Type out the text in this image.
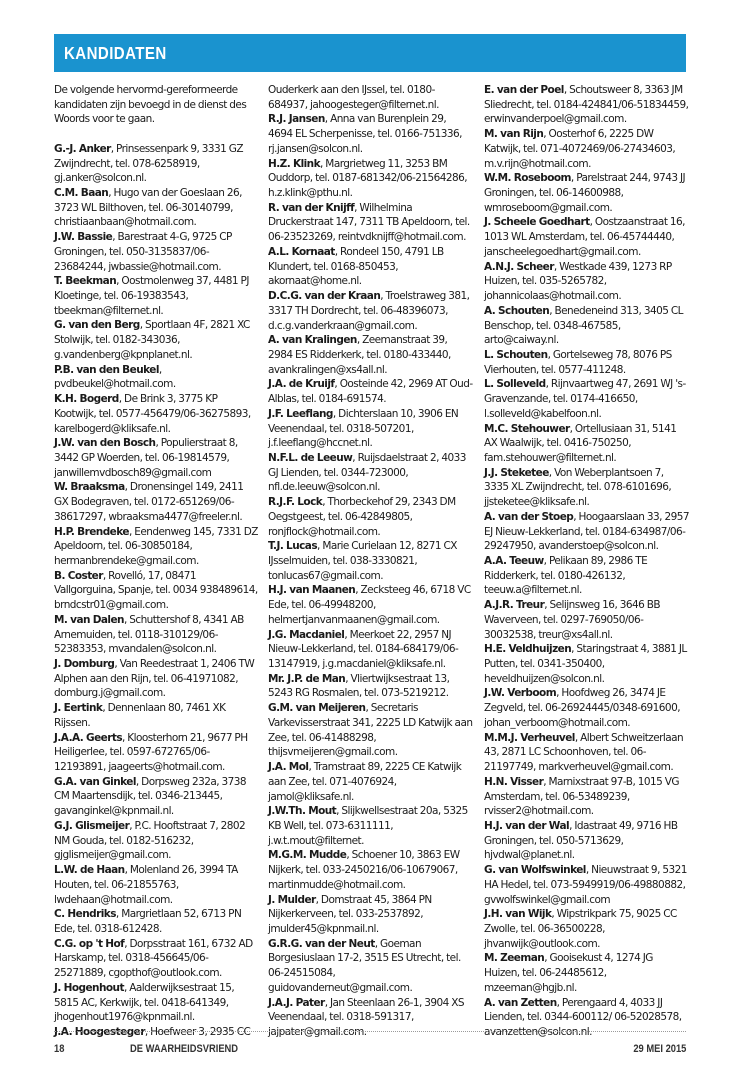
KANDIDATEN

De volgende hervormd-gereformeerde kandidaten zijn bevoegd in de dienst des Woords voor te gaan.

G.-J. Anker, Prinsessenpark 9, 3331 GZ Zwijndrecht, tel. 078-6258919, gj.anker@solcon.nl.

C.M. Baan, Hugo van der Goeslaan 26, 3723 WL Bilthoven, tel. 06-30140799, christiaanbaan@hotmail.com.

J.W. Bassie, Barestraat 4-G, 9725 CP Groningen, tel. 050-3135837/06-23684244, jwbassie@hotmail.com.

T. Beekman, Oostmolenweg 37, 4481 PJ Kloetinge, tel. 06-19383543, tbeekman@filternet.nl.

G. van den Berg, Sportlaan 4F, 2821 XC Stolwijk, tel. 0182-343036, g.vandenberg@kpnplanet.nl.

P.B. van den Beukel, pvdbeukel@hotmail.com.

K.H. Bogerd, De Brink 3, 3775 KP Kootwijk, tel. 0577-456479/06-36275893, karelbogerd@kliksafe.nl.

J.W. van den Bosch, Populierstraat 8, 3442 GP Woerden, tel. 06-19814579, janwillemvdbosch89@gmail.com

W. Braaksma, Dronensingel 149, 2411 GX Bodegraven, tel. 0172-651269/06-38617297, wbraaksma4477@freeler.nl.

H.P. Brendeke, Eendenweg 145, 7331 DZ Apeldoorn, tel. 06-30850184, hermanbrendeke@gmail.com.

B. Coster, Rovelló, 17, 08471 Vallgorguina, Spanje, tel. 0034 938489614, brndcstr01@gmail.com.

M. van Dalen, Schuttershof 8, 4341 AB Arnemuiden, tel. 0118-310129/06-52383353, mvandalen@solcon.nl.

J. Domburg, Van Reedestraat 1, 2406 TW Alphen aan den Rijn, tel. 06-41971082, domburg.j@gmail.com.

J. Eertink, Dennenlaan 80, 7461 XK Rijssen.

J.A.A. Geerts, Kloosterhorn 21, 9677 PH Heiligerlee, tel. 0597-672765/06-12193891, jaageerts@hotmail.com.

G.A. van Ginkel, Dorpsweg 232a, 3738 CM Maartensdijk, tel. 0346-213445, gavanginkel@kpnmail.nl.

G.J. Glismeijer, P.C. Hooftstraat 7, 2802 NM Gouda, tel. 0182-516232, gjglismeijer@gmail.com.

L.W. de Haan, Molenland 26, 3994 TA Houten, tel. 06-21855763, lwdehaan@hotmail.com.

C. Hendriks, Margrietlaan 52, 6713 PN Ede, tel. 0318-612428.

C.G. op 't Hof, Dorpsstraat 161, 6732 AD Harskamp, tel. 0318-456645/06-25271889, cgopthof@outlook.com.

J. Hogenhout, Aalderwijksestraat 15, 5815 AC, Kerkwijk, tel. 0418-641349, jhogenhout1976@kpnmail.nl.

J.A. Hoogesteger, Hoefweer 3, 2935 CC

Ouderkerk aan den IJssel, tel. 0180-684937, jahoogesteger@filternet.nl.

R.J. Jansen, Anna van Burenplein 29, 4694 EL Scherpenisse, tel. 0166-751336, rj.jansen@solcon.nl.

H.Z. Klink, Margrietweg 11, 3253 BM Ouddorp, tel. 0187-681342/06-21564286, h.z.klink@pthu.nl.

R. van der Knijff, Wilhelmina Druckerstraat 147, 7311 TB Apeldoorn, tel. 06-23523269, reintvdknijff@hotmail.com.

A.L. Kornaat, Rondeel 150, 4791 LB Klundert, tel. 0168-850453, akornaat@home.nl.

D.C.G. van der Kraan, Troelstraweg 381, 3317 TH Dordrecht, tel. 06-48396073, d.c.g.vanderkraan@gmail.com.

A. van Kralingen, Zeemanstraat 39, 2984 ES Ridderkerk, tel. 0180-433440, avankralingen@xs4all.nl.

J.A. de Kruijf, Oosteinde 42, 2969 AT Oud-Alblas, tel. 0184-691574.

J.F. Leeflang, Dichterslaan 10, 3906 EN Veenendaal, tel. 0318-507201, j.f.leeflang@hccnet.nl.

N.F.L. de Leeuw, Ruijsdaelstraat 2, 4033 GJ Lienden, tel. 0344-723000, nfl.de.leeuw@solcon.nl.

R.J.F. Lock, Thorbeckehof 29, 2343 DM Oegstgeest, tel. 06-42849805, ronjflock@hotmail.com.

T.J. Lucas, Marie Curielaan 12, 8271 CX IJsselmuiden, tel. 038-3330821, tonlucas67@gmail.com.

H.J. van Maanen, Zecksteeg 46, 6718 VC Ede, tel. 06-49948200, helmertjanvanmaanen@gmail.com.

J.G. Macdaniel, Meerkoet 22, 2957 NJ Nieuw-Lekkerland, tel. 0184-684179/06-13147919, j.g.macdaniel@kliksafe.nl.

Mr. J.P. de Man, Vliertwijksestraat 13, 5243 RG Rosmalen, tel. 073-5219212.

G.M. van Meijeren, Secretaris Varkevisserstraat 341, 2225 LD Katwijk aan Zee, tel. 06-41488298, thijsvmeijeren@gmail.com.

J.A. Mol, Tramstraat 89, 2225 CE Katwijk aan Zee, tel. 071-4076924, jamol@kliksafe.nl.

J.W.Th. Mout, Slijkwellsestraat 20a, 5325 KB Well, tel. 073-6311111, j.w.t.mout@filternet.

M.G.M. Mudde, Schoener 10, 3863 EW Nijkerk, tel. 033-2450216/06-10679067, martinmudde@hotmail.com.

J. Mulder, Domstraat 45, 3864 PN Nijkerkerveen, tel. 033-2537892, jmulder45@kpnmail.nl.

G.R.G. van der Neut, Goeman Borgesiuslaan 17-2, 3515 ES Utrecht, tel. 06-24515084, guidovanderneut@gmail.com.

J.A.J. Pater, Jan Steenlaan 26-1, 3904 XS Veenendaal, tel. 0318-591317, jajpater@gmail.com.

E. van der Poel, Schoutsweer 8, 3363 JM Sliedrecht, tel. 0184-424841/06-51834459, erwinvanderpoel@gmail.com.

M. van Rijn, Oosterhof 6, 2225 DW Katwijk, tel. 071-4072469/06-27434603, m.v.rijn@hotmail.com.

W.M. Roseboom, Parelstraat 244, 9743 JJ Groningen, tel. 06-14600988, wmroseboom@gmail.com.

J. Scheele Goedhart, Oostzaanstraat 16, 1013 WL Amsterdam, tel. 06-45744440, janscheelegoedhart@gmail.com.

A.N.J. Scheer, Westkade 439, 1273 RP Huizen, tel. 035-5265782, johannicolaas@hotmail.com.

A. Schouten, Benedeneind 313, 3405 CL Benschop, tel. 0348-467585, arto@caiway.nl.

L. Schouten, Gortelseweg 78, 8076 PS Vierhouten, tel. 0577-411248.

L. Solleveld, Rijnvaartweg 47, 2691 WJ 's-Gravenzande, tel. 0174-416650, l.solleveld@kabelfoon.nl.

M.C. Stehouwer, Ortellusiaan 31, 5141 AX Waalwijk, tel. 0416-750250, fam.stehouwer@filternet.nl.

J.J. Steketee, Von Weberplantsoen 7, 3335 XL Zwijndrecht, tel. 078-6101696, jjsteketee@kliksafe.nl.

A. van der Stoep, Hoogaarslaan 33, 2957 EJ Nieuw-Lekkerland, tel. 0184-634987/06-29247950, avanderstoep@solcon.nl.

A.A. Teeuw, Pelikaan 89, 2986 TE Ridderkerk, tel. 0180-426132, teeuw.a@filternet.nl.

A.J.R. Treur, Selijnsweg 16, 3646 BB Waverveen, tel. 0297-769050/06-30032538, treur@xs4all.nl.

H.E. Veldhuijzen, Staringstraat 4, 3881 JL Putten, tel. 0341-350400, heveldhuijzen@solcon.nl.

J.W. Verboom, Hoofdweg 26, 3474 JE Zegveld, tel. 06-26924445/0348-691600, johan_verboom@hotmail.com.

M.M.J. Verheuvel, Albert Schweitzerlaan 43, 2871 LC Schoonhoven, tel. 06-21197749, markverheuvel@gmail.com.

H.N. Visser, Marnixstraat 97-B, 1015 VG Amsterdam, tel. 06-53489239, rvisser2@hotmail.com.

H.J. van der Wal, Idastraat 49, 9716 HB Groningen, tel. 050-5713629, hjvdwal@planet.nl.

G. van Wolfswinkel, Nieuwstraat 9, 5321 HA Hedel, tel. 073-5949919/06-49880882, gvwolfswinkel@gmail.com

J.H. van Wijk, Wipstrikpark 75, 9025 CC Zwolle, tel. 06-36500228, jhvanwijk@outlook.com.

M. Zeeman, Gooisekust 4, 1274 JG Huizen, tel. 06-24485612, mzeeman@hgjb.nl.

A. van Zetten, Perengaard 4, 4033 JJ Lienden, tel. 0344-600112/ 06-52028578, avanzetten@solcon.nl.

18	DE WAARHEIDSVRIEND	29 MEI 2015
